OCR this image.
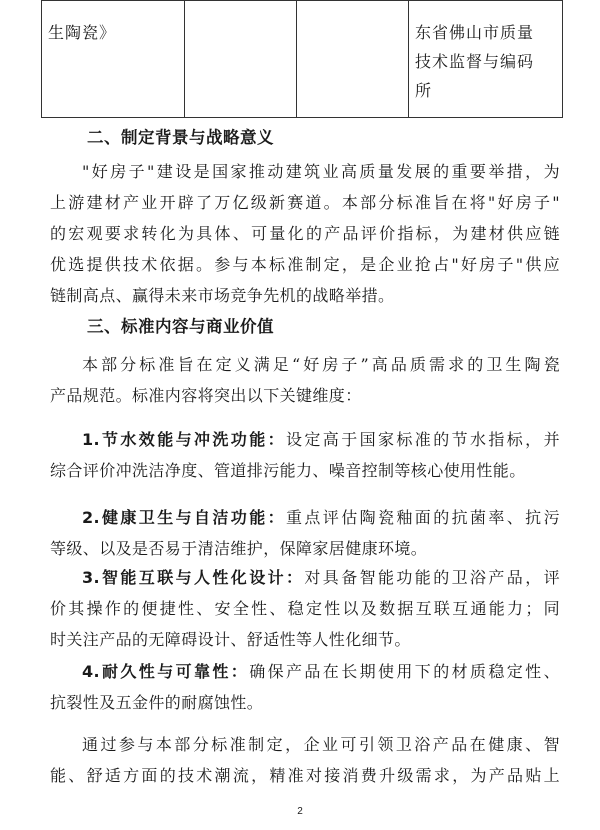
生陶瓷》			东省佛山市质量
技术监督与编码
所
二、制定背景与战略意义
"好房子"建设是国家推动建筑业高质量发展的重要举措，为
上游建材产业开辟了万亿级新赛道。本部分标准旨在将"好房子"
的宏观要求转化为具体、可量化的产品评价指标，为建材供应链
优选提供技术依据。参与本标准制定，是企业抢占"好房子"供应
链制高点、赢得未来市场竞争先机的战略举措。
三、标准内容与商业价值
本部分标准旨在定义满足“好房子”高品质需求的卫生陶瓷
产品规范。标准内容将突出以下关键维度：
1.节水效能与冲洗功能：设定高于国家标准的节水指标，并
综合评价冲洗洁净度、管道排污能力、噪音控制等核心使用性能。
2.健康卫生与自洁功能：重点评估陶瓷釉面的抗菌率、抗污
等级、以及是否易于清洁维护，保障家居健康环境。
3.智能互联与人性化设计：对具备智能功能的卫浴产品，评
价其操作的便捷性、安全性、稳定性以及数据互联互通能力；同
时关注产品的无障碍设计、舒适性等人性化细节。
4.耐久性与可靠性：确保产品在长期使用下的材质稳定性、
抗裂性及五金件的耐腐蚀性。
通过参与本部分标准制定，企业可引领卫浴产品在健康、智
能、舒适方面的技术潮流，精准对接消费升级需求，为产品贴上
2
